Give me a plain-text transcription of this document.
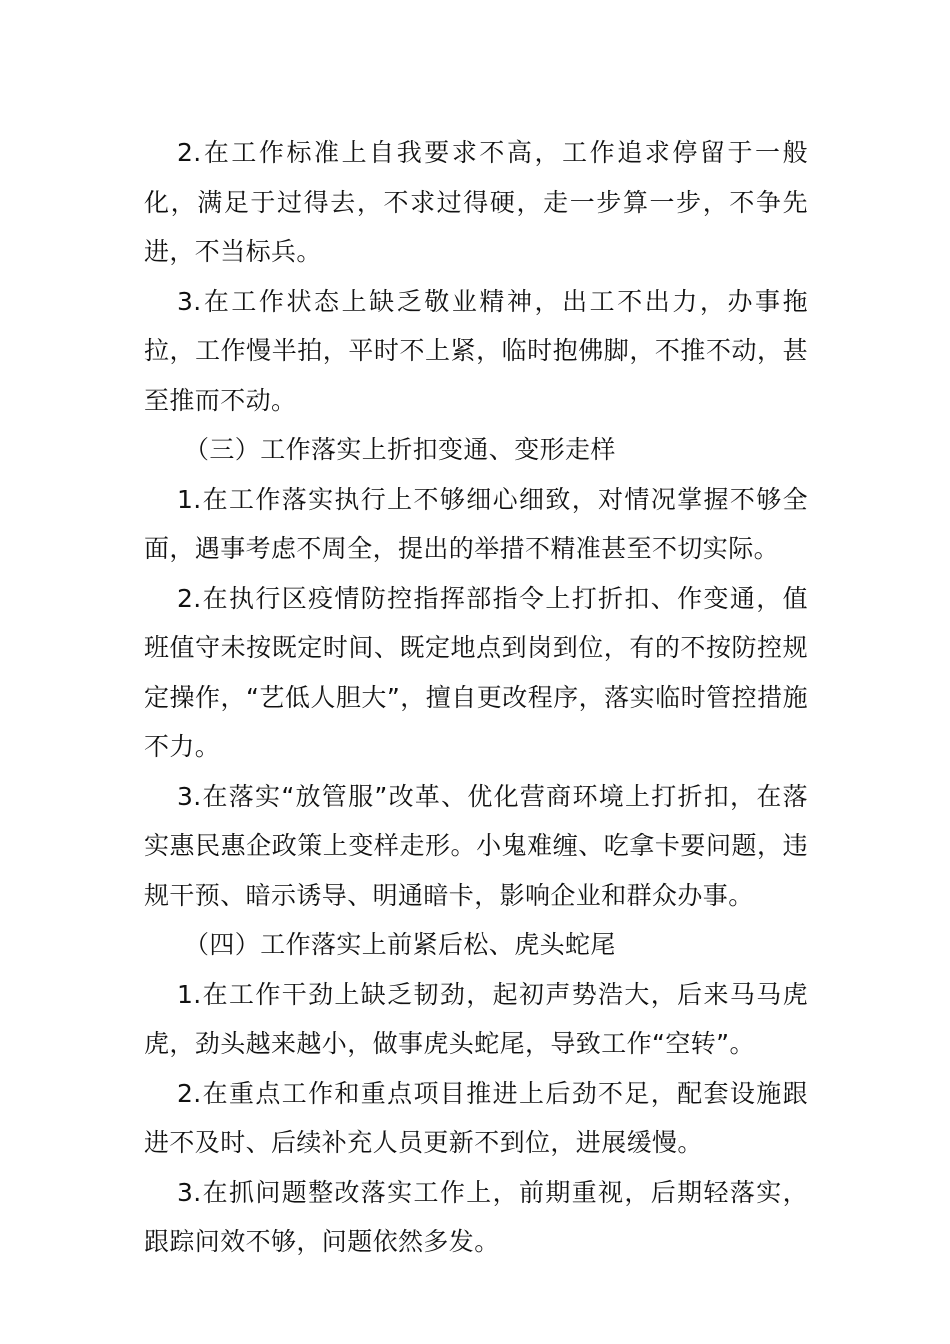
2.在工作标准上自我要求不高，工作追求停留于一般化，满足于过得去，不求过得硬，走一步算一步，不争先进，不当标兵。

3.在工作状态上缺乏敬业精神，出工不出力，办事拖拉，工作慢半拍，平时不上紧，临时抱佛脚，不推不动，甚至推而不动。

（三）工作落实上折扣变通、变形走样

1.在工作落实执行上不够细心细致，对情况掌握不够全面，遇事考虑不周全，提出的举措不精准甚至不切实际。

2.在执行区疫情防控指挥部指令上打折扣、作变通，值班值守未按既定时间、既定地点到岗到位，有的不按防控规定操作，“艺低人胆大”，擅自更改程序，落实临时管控措施不力。

3.在落实“放管服”改革、优化营商环境上打折扣，在落实惠民惠企政策上变样走形。小鬼难缠、吃拿卡要问题，违规干预、暗示诱导、明通暗卡，影响企业和群众办事。

（四）工作落实上前紧后松、虎头蛇尾

1.在工作干劲上缺乏韧劲，起初声势浩大，后来马马虎虎，劲头越来越小，做事虎头蛇尾，导致工作“空转”。

2.在重点工作和重点项目推进上后劲不足，配套设施跟进不及时、后续补充人员更新不到位，进展缓慢。

3.在抓问题整改落实工作上，前期重视，后期轻落实，跟踪问效不够，问题依然多发。
